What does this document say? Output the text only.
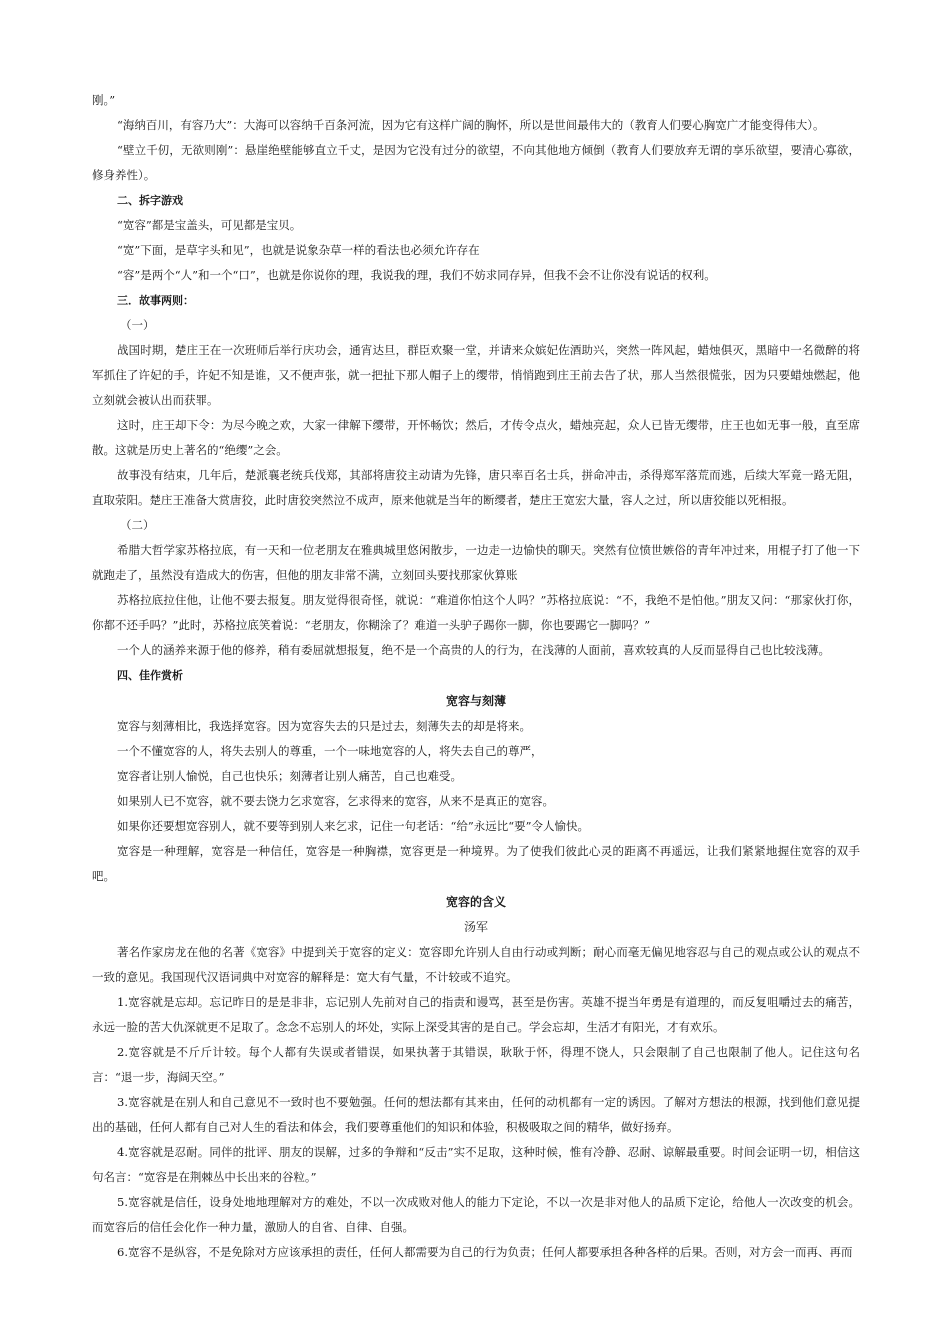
刚。”

“海纳百川，有容乃大”：大海可以容纳千百条河流，因为它有这样广阔的胸怀，所以是世间最伟大的（教育人们要心胸宽广才能变得伟大）。

“壁立千仞，无欲则刚”：悬崖绝壁能够直立千丈，是因为它没有过分的欲望，不向其他地方倾倒（教育人们要放弃无谓的享乐欲望，要清心寡欲，修身养性）。

二、拆字游戏

“宽容”都是宝盖头，可见都是宝贝。

“宽”下面，是草字头和见”，也就是说象杂草一样的看法也必须允许存在

“容”是两个“人”和一个“口”，也就是你说你的理，我说我的理，我们不妨求同存异，但我不会不让你没有说话的权利。

三．故事两则：

（一）

战国时期，楚庄王在一次班师后举行庆功会，通宵达旦，群臣欢聚一堂，并请来众嫔妃佐酒助兴，突然一阵风起，蜡烛俱灭，黑暗中一名微醉的将军抓住了许妃的手，许妃不知是谁，又不便声张，就一把扯下那人帽子上的缨带，悄悄跑到庄王前去告了状，那人当然很慌张，因为只要蜡烛燃起，他立刻就会被认出而获罪。

这时，庄王却下令：为尽今晚之欢，大家一律解下缨带，开怀畅饮；然后，才传令点火，蜡烛亮起，众人已皆无缨带，庄王也如无事一般，直至席散。这就是历史上著名的“绝缨”之会。

故事没有结束，几年后，楚派襄老统兵伐郑，其部将唐狡主动请为先锋，唐只率百名士兵，拼命冲击，杀得郑军落荒而逃，后续大军竟一路无阻，直取荥阳。楚庄王准备大赏唐狡，此时唐狡突然泣不成声，原来他就是当年的断缨者，楚庄王宽宏大量，容人之过，所以唐狡能以死相报。

（二）

希腊大哲学家苏格拉底，有一天和一位老朋友在雅典城里悠闲散步，一边走一边愉快的聊天。突然有位愤世嫉俗的青年冲过来，用棍子打了他一下就跑走了，虽然没有造成大的伤害，但他的朋友非常不满，立刻回头要找那家伙算账

苏格拉底拉住他，让他不要去报复。朋友觉得很奇怪，就说：“难道你怕这个人吗？”苏格拉底说：“不，我绝不是怕他。”朋友又问：“那家伙打你，你都不还手吗？”此时，苏格拉底笑着说：“老朋友，你糊涂了？难道一头驴子踢你一脚，你也要踢它一脚吗？”

一个人的涵养来源于他的修养，稍有委屈就想报复，绝不是一个高贵的人的行为，在浅薄的人面前，喜欢较真的人反而显得自己也比较浅薄。

四、佳作赏析

宽容与刻薄

宽容与刻薄相比，我选择宽容。因为宽容失去的只是过去，刻薄失去的却是将来。

一个不懂宽容的人，将失去别人的尊重，一个一味地宽容的人，将失去自己的尊严，

宽容者让别人愉悦，自己也快乐；刻薄者让别人痛苦，自己也难受。

如果别人已不宽容，就不要去饶力乞求宽容，乞求得来的宽容，从来不是真正的宽容。

如果你还要想宽容别人，就不要等到别人来乞求，记住一句老话：“给”永远比“要”令人愉快。

宽容是一种理解，宽容是一种信任，宽容是一种胸襟，宽容更是一种境界。为了使我们彼此心灵的距离不再遥远，让我们紧紧地握住宽容的双手吧。

宽容的含义

汤军

著名作家房龙在他的名著《宽容》中提到关于宽容的定义：宽容即允许别人自由行动或判断；耐心而毫无偏见地容忍与自己的观点或公认的观点不一致的意见。我国现代汉语词典中对宽容的解释是：宽大有气量，不计较或不追究。

1.宽容就是忘却。忘记昨日的是是非非，忘记别人先前对自己的指责和谩骂，甚至是伤害。英雄不提当年勇是有道理的，而反复咀嚼过去的痛苦，永远一脸的苦大仇深就更不足取了。念念不忘别人的坏处，实际上深受其害的是自己。学会忘却，生活才有阳光，才有欢乐。

2.宽容就是不斤斤计较。每个人都有失误或者错误，如果执著于其错误，耿耿于怀，得理不饶人，只会限制了自己也限制了他人。记住这句名言：“退一步，海阔天空。”

3.宽容就是在别人和自己意见不一致时也不要勉强。任何的想法都有其来由，任何的动机都有一定的诱因。了解对方想法的根源，找到他们意见提出的基础，任何人都有自己对人生的看法和体会，我们要尊重他们的知识和体验，积极吸取之间的精华，做好扬弃。

4.宽容就是忍耐。同伴的批评、朋友的误解，过多的争辩和“反击”实不足取，这种时候，惟有冷静、忍耐、谅解最重要。时间会证明一切，相信这句名言：“宽容是在荆棘丛中长出来的谷粒。”

5.宽容就是信任，设身处地地理解对方的难处，不以一次成败对他人的能力下定论，不以一次是非对他人的品质下定论，给他人一次改变的机会。而宽容后的信任会化作一种力量，激励人的自省、自律、自强。

6.宽容不是纵容，不是免除对方应该承担的责任，任何人都需要为自己的行为负责；任何人都要承担各种各样的后果。否则，对方会一而再、再而
